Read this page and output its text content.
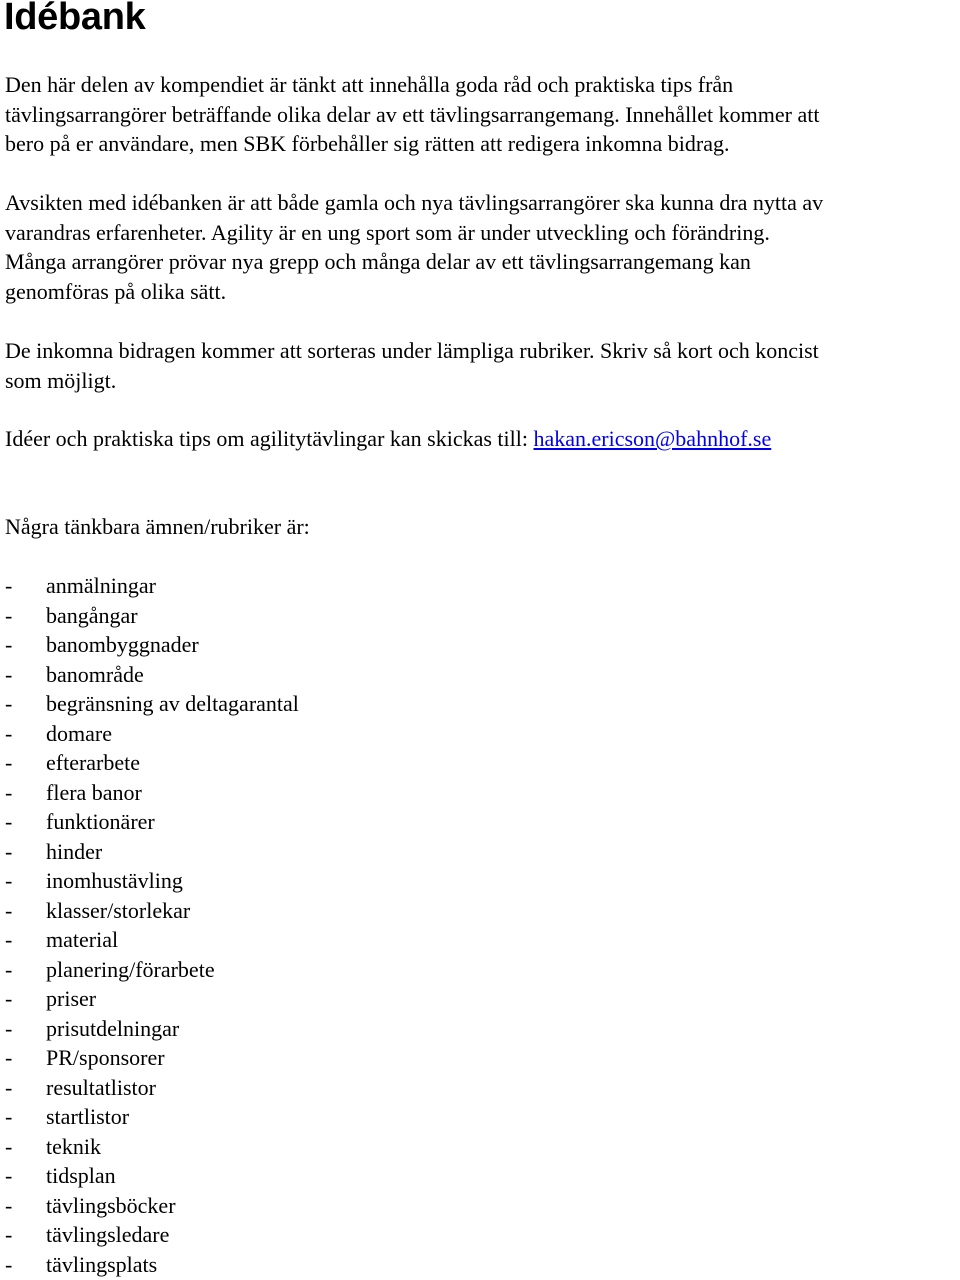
Idébank

Den här delen av kompendiet är tänkt att innehålla goda råd och praktiska tips från
tävlingsarrangörer beträffande olika delar av ett tävlingsarrangemang. Innehållet kommer att
bero på er användare, men SBK förbehåller sig rätten att redigera inkomna bidrag.

Avsikten med idébanken är att både gamla och nya tävlingsarrangörer ska kunna dra nytta av
varandras erfarenheter. Agility är en ung sport som är under utveckling och förändring.
Många arrangörer prövar nya grepp och många delar av ett tävlingsarrangemang kan
genomföras på olika sätt.

De inkomna bidragen kommer att sorteras under lämpliga rubriker. Skriv så kort och koncist
som möjligt.

Idéer och praktiska tips om agilitytävlingar kan skickas till: hakan.ericson@bahnhof.se

Några tänkbara ämnen/rubriker är:

-	anmälningar
-	bangångar
-	banombyggnader
-	banområde
-	begränsning av deltagarantal
-	domare
-	efterarbete
-	flera banor
-	funktionärer
-	hinder
-	inomhustävling
-	klasser/storlekar
-	material
-	planering/förarbete
-	priser
-	prisutdelningar
-	PR/sponsorer
-	resultatlistor
-	startlistor
-	teknik
-	tidsplan
-	tävlingsböcker
-	tävlingsledare
-	tävlingsplats
